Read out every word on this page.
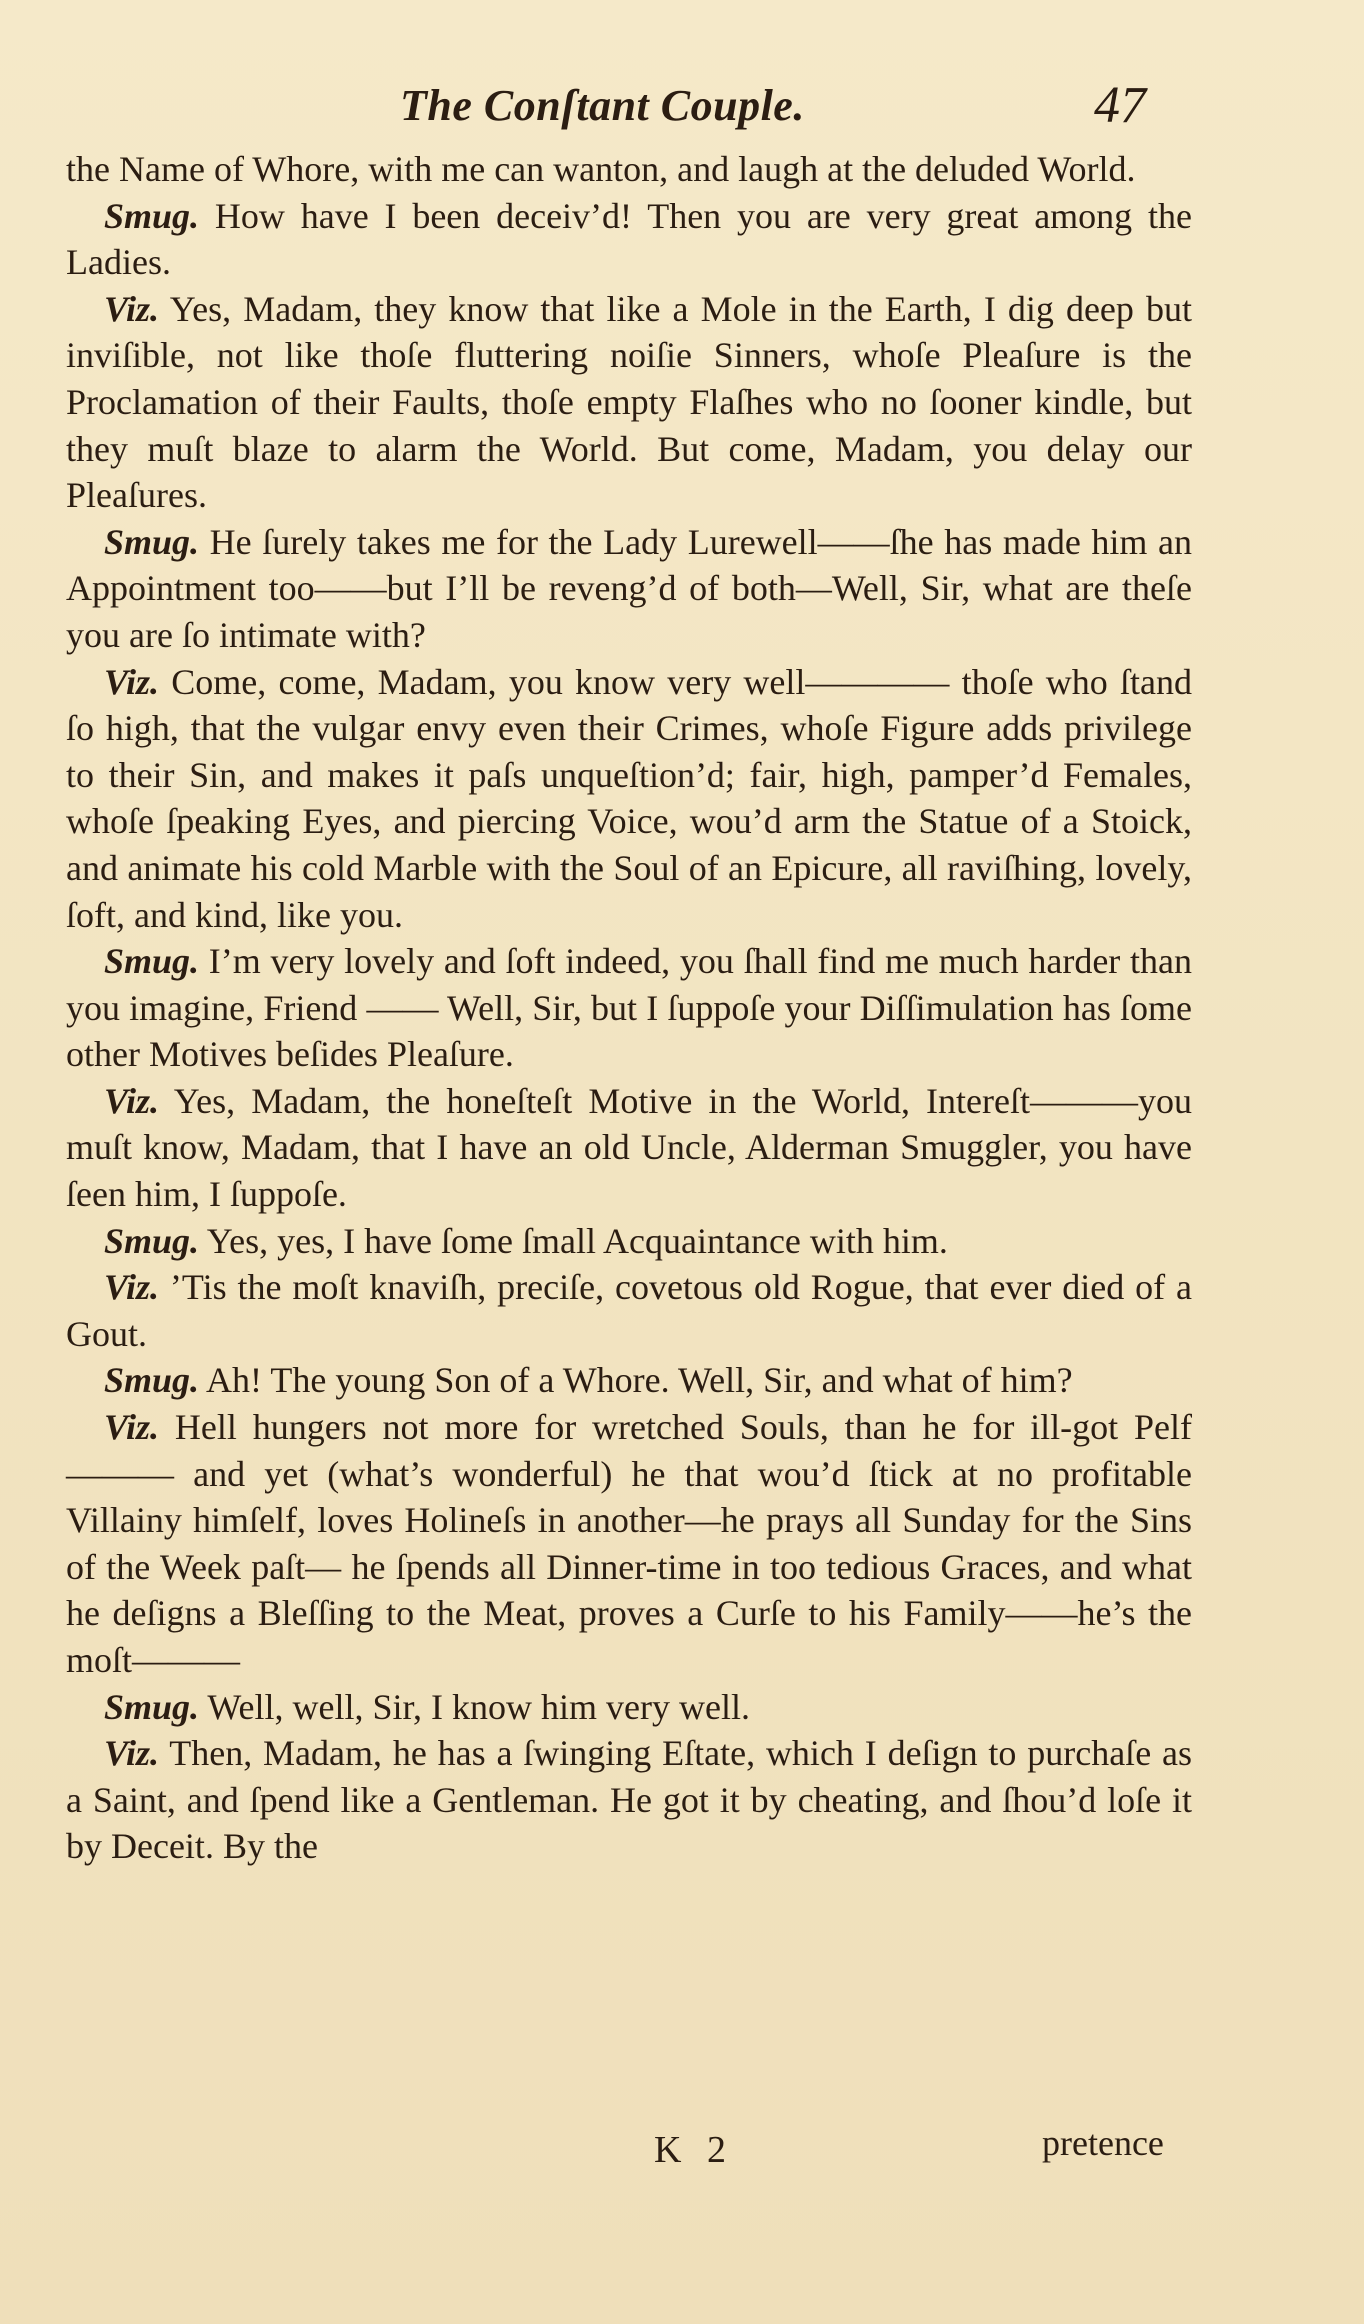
The Conſtant Couple.	47

the Name of Whore, with me can wanton, and laugh at the deluded World.

Smug. How have I been deceiv’d! Then you are very great among the Ladies.

Viz. Yes, Madam, they know that like a Mole in the Earth, I dig deep but inviſible, not like thoſe fluttering noiſie Sinners, whoſe Pleaſure is the Proclamation of their Faults, thoſe empty Flaſhes who no ſooner kindle, but they muſt blaze to alarm the World. But come, Madam, you delay our Pleaſures.

Smug. He ſurely takes me for the Lady Lurewell——ſhe has made him an Appointment too——but I’ll be reveng’d of both—Well, Sir, what are theſe you are ſo intimate with?

Viz. Come, come, Madam, you know very well———— thoſe who ſtand ſo high, that the vulgar envy even their Crimes, whoſe Figure adds privilege to their Sin, and makes it paſs unqueſtion’d; fair, high, pamper’d Females, whoſe ſpeaking Eyes, and piercing Voice, wou’d arm the Statue of a Stoick, and animate his cold Marble with the Soul of an Epicure, all raviſhing, lovely, ſoft, and kind, like you.

Smug. I’m very lovely and ſoft indeed, you ſhall find me much harder than you imagine, Friend —— Well, Sir, but I ſuppoſe your Diſſimulation has ſome other Motives beſides Pleaſure.

Viz. Yes, Madam, the honeſteſt Motive in the World, Intereſt———you muſt know, Madam, that I have an old Uncle, Alderman Smuggler, you have ſeen him, I ſuppoſe.

Smug. Yes, yes, I have ſome ſmall Acquaintance with him.

Viz. ’Tis the moſt knaviſh, preciſe, covetous old Rogue, that ever died of a Gout.

Smug. Ah! The young Son of a Whore. Well, Sir, and what of him?

Viz. Hell hungers not more for wretched Souls, than he for ill-got Pelf——— and yet (what’s wonderful) he that wou’d ſtick at no profitable Villainy himſelf, loves Holineſs in another—he prays all Sunday for the Sins of the Week paſt— he ſpends all Dinner-time in too tedious Graces, and what he deſigns a Bleſſing to the Meat, proves a Curſe to his Family——he’s the moſt———

Smug. Well, well, Sir, I know him very well.

Viz. Then, Madam, he has a ſwinging Eſtate, which I deſign to purchaſe as a Saint, and ſpend like a Gentleman. He got it by cheating, and ſhou’d loſe it by Deceit. By the

K 2	pretence
